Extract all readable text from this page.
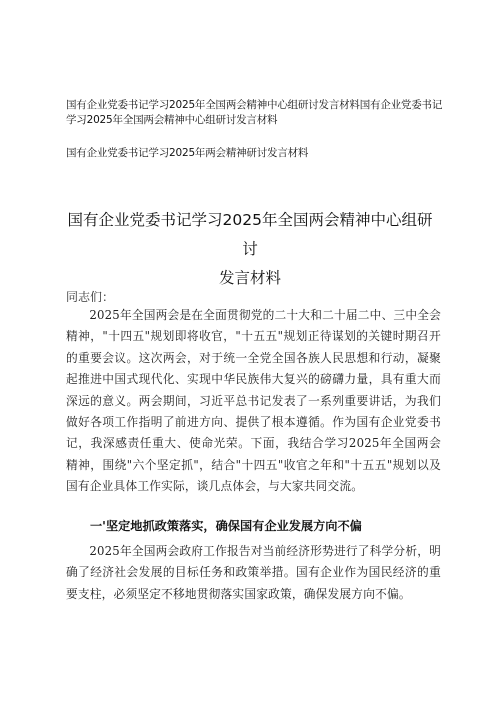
国有企业党委书记学习2025年全国两会精神中心组研讨发言材料国有企业党委书记学习2025年全国两会精神中心组研讨发言材料
国有企业党委书记学习2025年两会精神研讨发言材料
国有企业党委书记学习2025年全国两会精神中心组研讨
发言材料
同志们：
2025年全国两会是在全面贯彻党的二十大和二十届二中、三中全会精神，"十四五"规划即将收官，"十五五"规划正待谋划的关键时期召开的重要会议。这次两会，对于统一全党全国各族人民思想和行动，凝聚起推进中国式现代化、实现中华民族伟大复兴的磅礴力量，具有重大而深远的意义。两会期间，习近平总书记发表了一系列重要讲话，为我们做好各项工作指明了前进方向、提供了根本遵循。作为国有企业党委书记，我深感责任重大、使命光荣。下面，我结合学习2025年全国两会精神，围绕"六个坚定抓"，结合"十四五"收官之年和"十五五"规划以及国有企业具体工作实际，谈几点体会，与大家共同交流。
一'坚定地抓政策落实，确保国有企业发展方向不偏
2025年全国两会政府工作报告对当前经济形势进行了科学分析，明确了经济社会发展的目标任务和政策举措。国有企业作为国民经济的重要支柱，必须坚定不移地贯彻落实国家政策，确保发展方向不偏。
